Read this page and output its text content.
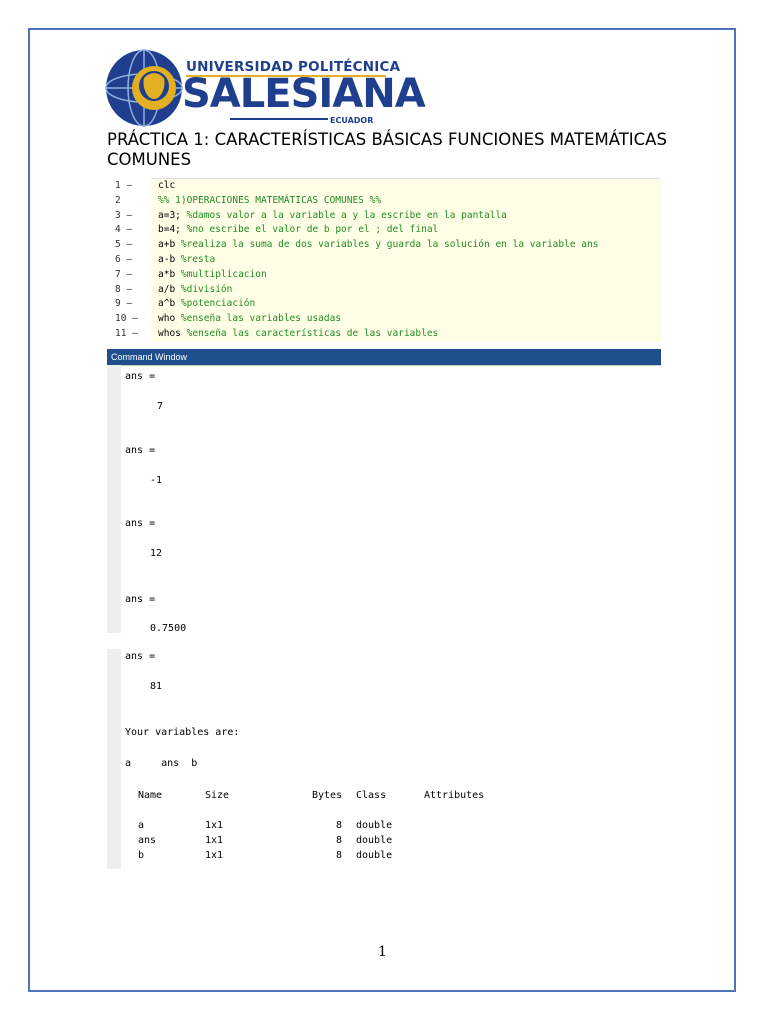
UNIVERSIDAD POLITÉCNICA
SALESIANA
ECUADOR
PRÁCTICA 1: CARACTERÍSTICAS BÁSICAS FUNCIONES MATEMÁTICAS COMUNES
1 –	clc
2	%% 1)OPERACIONES MATEMÁTICAS COMUNES %%
3 –	a=3; %damos valor a la variable a y la escribe en la pantalla
4 –	b=4; %no escribe el valor de b por el ; del final
5 –	a+b %realiza la suma de dos variables y guarda la solución en la variable ans
6 –	a-b %resta
7 –	a*b %multiplicacion
8 –	a/b %división
9 –	a^b %potenciación
10 –	who %enseña las variables usadas
11 –	whos %enseña las características de las variables
Command Window
ans =
7
ans =
-1
ans =
12
ans =
0.7500
ans =
81
Your variables are:
a     ans  b
Name	Size	Bytes Class	Attributes
a	1x1	8 double
ans	1x1	8 double
b	1x1	8 double
1
